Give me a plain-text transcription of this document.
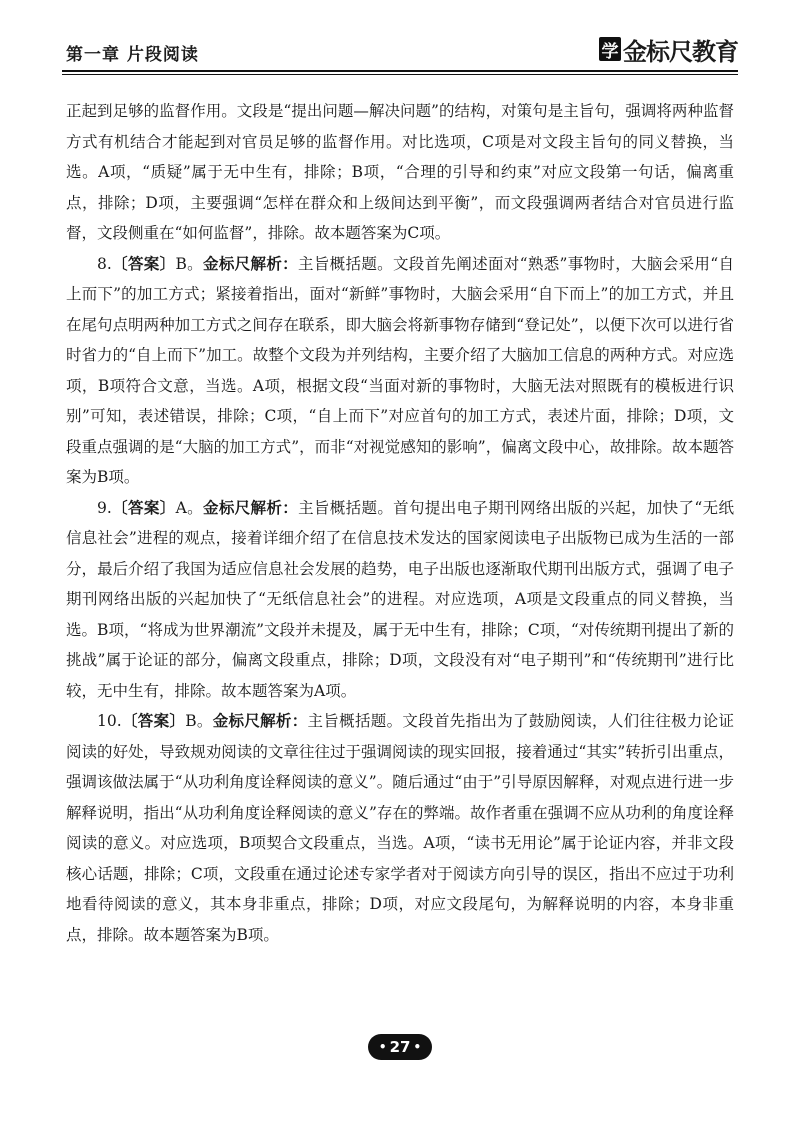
第一章 片段阅读	学 金标尺教育

正起到足够的监督作用。文段是“提出问题—解决问题”的结构，对策句是主旨句，强调将两种监督方式有机结合才能起到对官员足够的监督作用。对比选项，C项是对文段主旨句的同义替换，当选。A项，“质疑”属于无中生有，排除；B项，“合理的引导和约束”对应文段第一句话，偏离重点，排除；D项，主要强调“怎样在群众和上级间达到平衡”，而文段强调两者结合对官员进行监督，文段侧重在“如何监督”，排除。故本题答案为C项。

8.〔答案〕B。金标尺解析：主旨概括题。文段首先阐述面对“熟悉”事物时，大脑会采用“自上而下”的加工方式；紧接着指出，面对“新鲜”事物时，大脑会采用“自下而上”的加工方式，并且在尾句点明两种加工方式之间存在联系，即大脑会将新事物存储到“登记处”，以便下次可以进行省时省力的“自上而下”加工。故整个文段为并列结构，主要介绍了大脑加工信息的两种方式。对应选项，B项符合文意，当选。A项，根据文段“当面对新的事物时，大脑无法对照既有的模板进行识别”可知，表述错误，排除；C项，“自上而下”对应首句的加工方式，表述片面，排除；D项，文段重点强调的是“大脑的加工方式”，而非“对视觉感知的影响”，偏离文段中心，故排除。故本题答案为B项。

9.〔答案〕A。金标尺解析：主旨概括题。首句提出电子期刊网络出版的兴起，加快了“无纸信息社会”进程的观点，接着详细介绍了在信息技术发达的国家阅读电子出版物已成为生活的一部分，最后介绍了我国为适应信息社会发展的趋势，电子出版也逐渐取代期刊出版方式，强调了电子期刊网络出版的兴起加快了“无纸信息社会”的进程。对应选项，A项是文段重点的同义替换，当选。B项，“将成为世界潮流”文段并未提及，属于无中生有，排除；C项，“对传统期刊提出了新的挑战”属于论证的部分，偏离文段重点，排除；D项，文段没有对“电子期刊”和“传统期刊”进行比较，无中生有，排除。故本题答案为A项。

10.〔答案〕B。金标尺解析：主旨概括题。文段首先指出为了鼓励阅读，人们往往极力论证阅读的好处，导致规劝阅读的文章往往过于强调阅读的现实回报，接着通过“其实”转折引出重点，强调该做法属于“从功利角度诠释阅读的意义”。随后通过“由于”引导原因解释，对观点进行进一步解释说明，指出“从功利角度诠释阅读的意义”存在的弊端。故作者重在强调不应从功利的角度诠释阅读的意义。对应选项，B项契合文段重点，当选。A项，“读书无用论”属于论证内容，并非文段核心话题，排除；C项，文段重在通过论述专家学者对于阅读方向引导的误区，指出不应过于功利地看待阅读的意义，其本身非重点，排除；D项，对应文段尾句，为解释说明的内容，本身非重点，排除。故本题答案为B项。

• 27 •
